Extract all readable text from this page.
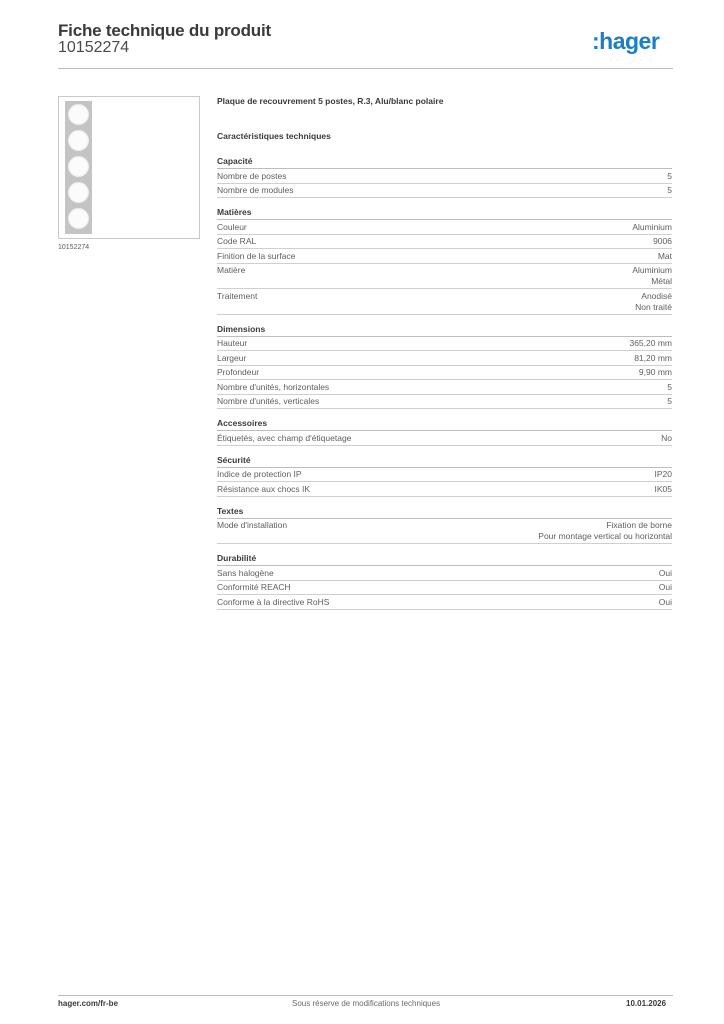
Fiche technique du produit
10152274	:hager
10152274
Plaque de recouvrement 5 postes, R.3, Alu/blanc polaire
Caractéristiques techniques
Capacité
Nombre de postes	5
Nombre de modules	5
Matières
Couleur	Aluminium
Code RAL	9006
Finition de la surface	Mat
Matière	Aluminium
Métal
Traitement	Anodisé
Non traité
Dimensions
Hauteur	365,20 mm
Largeur	81,20 mm
Profondeur	9,90 mm
Nombre d'unités, horizontales	5
Nombre d'unités, verticales	5
Accessoires
Étiquetés, avec champ d'étiquetage	No
Sécurité
Indice de protection IP	IP20
Résistance aux chocs IK	IK05
Textes
Mode d'installation	Fixation de borne
Pour montage vertical ou horizontal
Durabilité
Sans halogène	Oui
Conformité REACH	Oui
Conforme à la directive RoHS	Oui
hager.com/fr-be	Sous réserve de modifications techniques	10.01.2026
